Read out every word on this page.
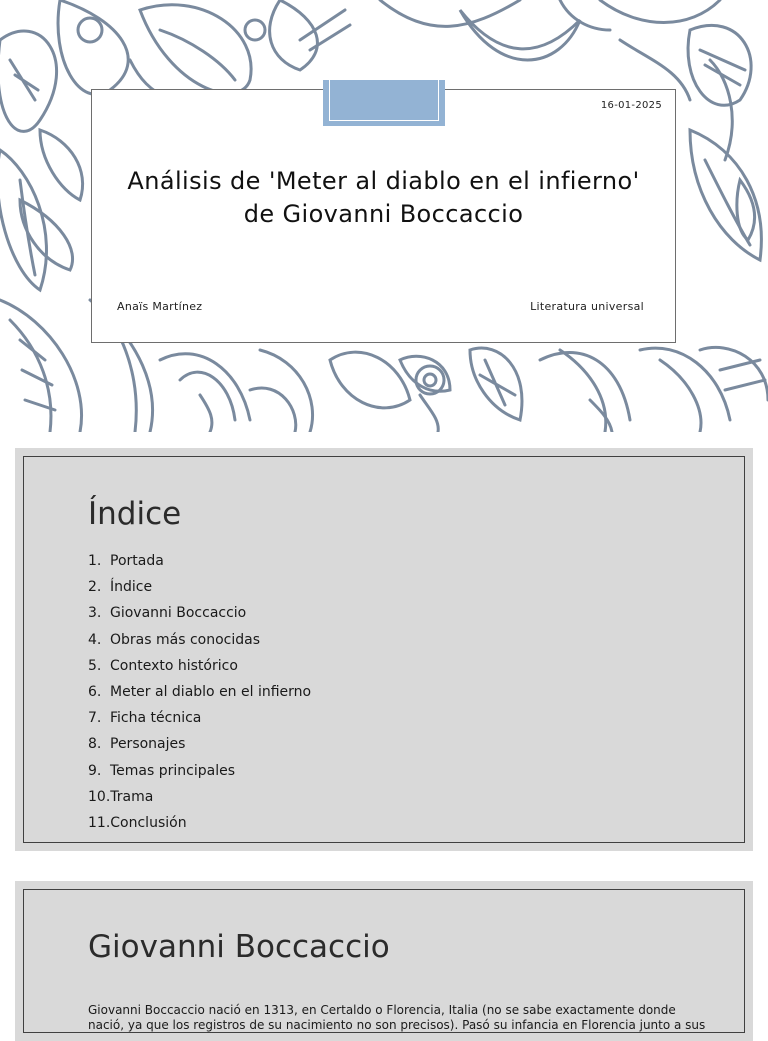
16-01-2025
Análisis de 'Meter al diablo en el infierno' de Giovanni Boccaccio
Anaïs Martínez	Literatura universal
Índice
1. Portada
2. Índice
3. Giovanni Boccaccio
4. Obras más conocidas
5. Contexto histórico
6. Meter al diablo en el infierno
7. Ficha técnica
8. Personajes
9. Temas principales
10.Trama
11.Conclusión
Giovanni Boccaccio

Giovanni Boccaccio nació en 1313, en Certaldo o Florencia, Italia (no se sabe exactamente donde nació, ya que los registros de su nacimiento no son precisos). Pasó su infancia en Florencia junto a sus
